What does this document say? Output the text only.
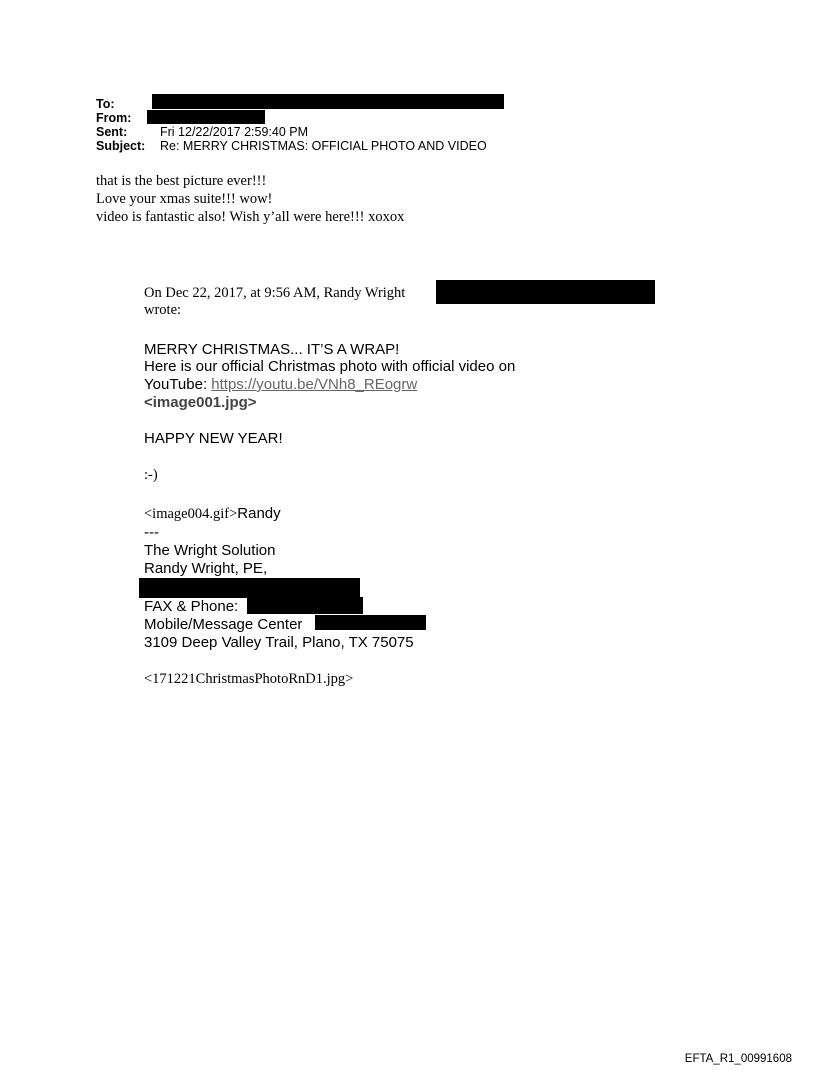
To:
From:
Sent:	Fri 12/22/2017 2:59:40 PM
Subject: Re: MERRY CHRISTMAS: OFFICIAL PHOTO AND VIDEO
that is the best picture ever!!!
Love your xmas suite!!! wow!
video is fantastic also! Wish y’all were here!!! xoxox
On Dec 22, 2017, at 9:56 AM, Randy Wright
wrote:
MERRY CHRISTMAS... IT’S A WRAP!
Here is our official Christmas photo with official video on
YouTube: https://youtu.be/VNh8_REogrw
<image001.jpg>
HAPPY NEW YEAR!
:-)
<image004.gif>Randy
---
The Wright Solution
Randy Wright, PE,
FAX & Phone:
Mobile/Message Center
3109 Deep Valley Trail, Plano, TX 75075
<171221ChristmasPhotoRnD1.jpg>
EFTA_R1_00991608
